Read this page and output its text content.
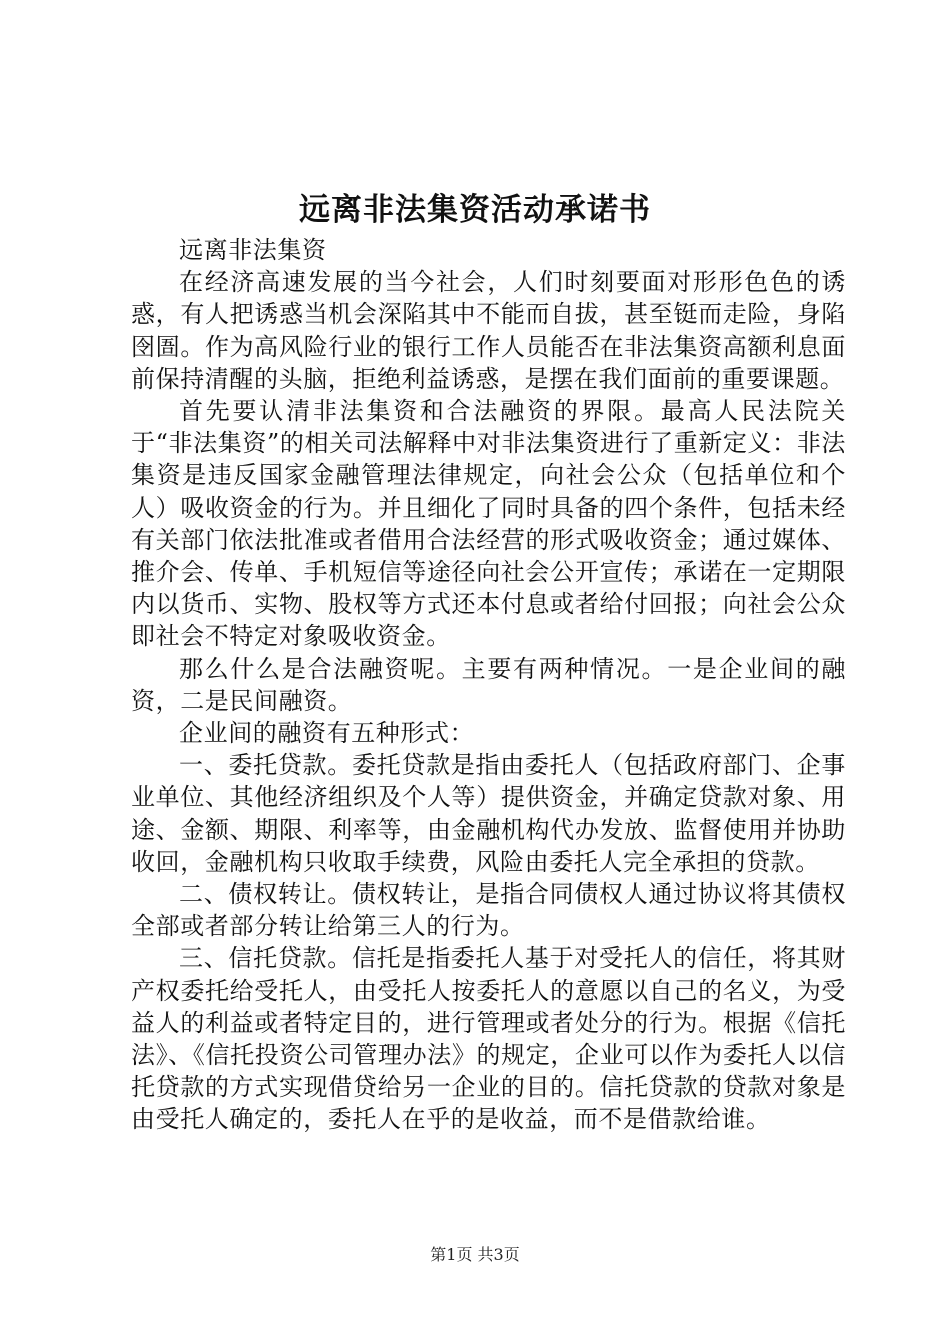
远离非法集资活动承诺书

远离非法集资

在经济高速发展的当今社会，人们时刻要面对形形色色的诱惑，有人把诱惑当机会深陷其中不能而自拔，甚至铤而走险，身陷囹圄。作为高风险行业的银行工作人员能否在非法集资高额利息面前保持清醒的头脑，拒绝利益诱惑，是摆在我们面前的重要课题。

首先要认清非法集资和合法融资的界限。最高人民法院关于“非法集资”的相关司法解释中对非法集资进行了重新定义：非法集资是违反国家金融管理法律规定，向社会公众（包括单位和个人）吸收资金的行为。并且细化了同时具备的四个条件，包括未经有关部门依法批准或者借用合法经营的形式吸收资金；通过媒体、推介会、传单、手机短信等途径向社会公开宣传；承诺在一定期限内以货币、实物、股权等方式还本付息或者给付回报；向社会公众即社会不特定对象吸收资金。

那么什么是合法融资呢。主要有两种情况。一是企业间的融资，二是民间融资。

企业间的融资有五种形式：

一、委托贷款。委托贷款是指由委托人（包括政府部门、企事业单位、其他经济组织及个人等）提供资金，并确定贷款对象、用途、金额、期限、利率等，由金融机构代办发放、监督使用并协助收回，金融机构只收取手续费，风险由委托人完全承担的贷款。

二、债权转让。债权转让，是指合同债权人通过协议将其债权全部或者部分转让给第三人的行为。

三、信托贷款。信托是指委托人基于对受托人的信任，将其财产权委托给受托人，由受托人按委托人的意愿以自己的名义，为受益人的利益或者特定目的，进行管理或者处分的行为。根据《信托法》、《信托投资公司管理办法》的规定，企业可以作为委托人以信托贷款的方式实现借贷给另一企业的目的。信托贷款的贷款对象是由受托人确定的，委托人在乎的是收益，而不是借款给谁。

第1页 共3页
